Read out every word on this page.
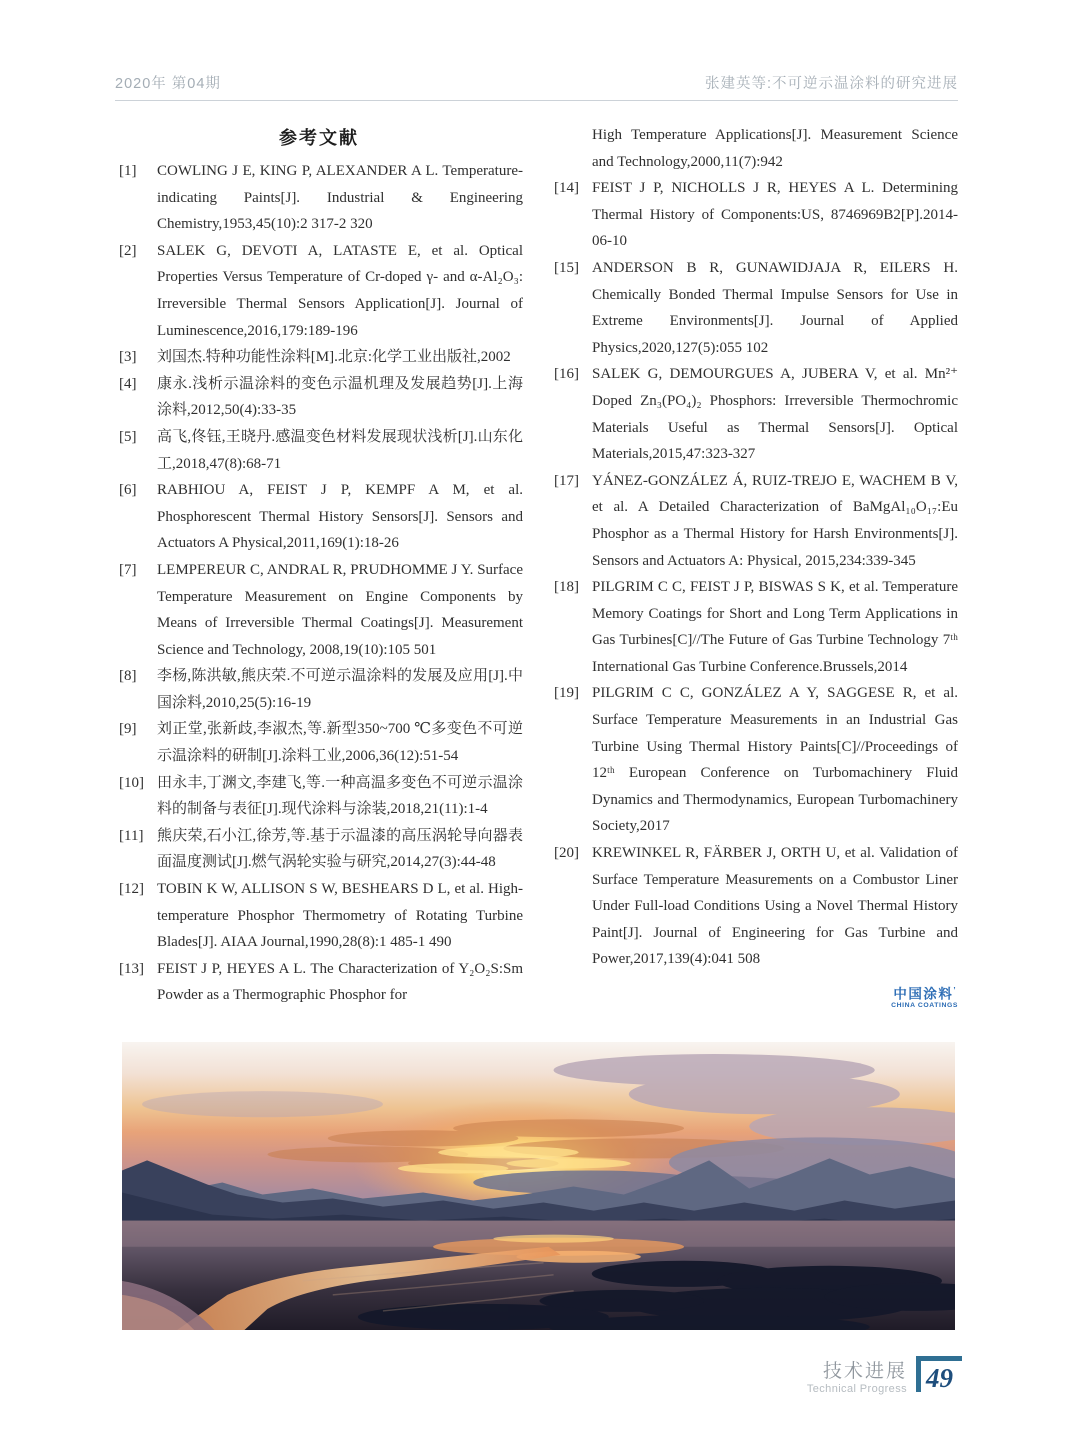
2020年 第04期	张建英等:不可逆示温涂料的研究进展
参考文献
[1] COWLING J E, KING P, ALEXANDER A L. Temperature-indicating Paints[J]. Industrial & Engineering Chemistry,1953,45(10):2 317-2 320
[2] SALEK G, DEVOTI A, LATASTE E, et al. Optical Properties Versus Temperature of Cr-doped γ- and α-Al₂O₃: Irreversible Thermal Sensors Application[J]. Journal of Luminescence,2016,179:189-196
[3] 刘国杰.特种功能性涂料[M].北京:化学工业出版社,2002
[4] 康永.浅析示温涂料的变色示温机理及发展趋势[J].上海涂料,2012,50(4):33-35
[5] 高飞,佟钰,王晓丹.感温变色材料发展现状浅析[J].山东化工,2018,47(8):68-71
[6] RABHIOU A, FEIST J P, KEMPF A M, et al. Phosphorescent Thermal History Sensors[J]. Sensors and Actuators A Physical,2011,169(1):18-26
[7] LEMPEREUR C, ANDRAL R, PRUDHOMME J Y. Surface Temperature Measurement on Engine Components by Means of Irreversible Thermal Coatings[J]. Measurement Science and Technology, 2008,19(10):105 501
[8] 李杨,陈洪敏,熊庆荣.不可逆示温涂料的发展及应用[J].中国涂料,2010,25(5):16-19
[9] 刘正堂,张新歧,李淑杰,等.新型350~700 ℃多变色不可逆示温涂料的研制[J].涂料工业,2006,36(12):51-54
[10] 田永丰,丁渊文,李建飞,等.一种高温多变色不可逆示温涂料的制备与表征[J].现代涂料与涂装,2018,21(11):1-4
[11] 熊庆荣,石小江,徐芳,等.基于示温漆的高压涡轮导向器表面温度测试[J].燃气涡轮实验与研究,2014,27(3):44-48
[12] TOBIN K W, ALLISON S W, BESHEARS D L, et al. High-temperature Phosphor Thermometry of Rotating Turbine Blades[J]. AIAA Journal,1990,28(8):1 485-1 490
[13] FEIST J P, HEYES A L. The Characterization of Y₂O₂S:Sm Powder as a Thermographic Phosphor for
High Temperature Applications[J]. Measurement Science and Technology,2000,11(7):942
[14] FEIST J P, NICHOLLS J R, HEYES A L. Determining Thermal History of Components:US, 8746969B2[P].2014-06-10
[15] ANDERSON B R, GUNAWIDJAJA R, EILERS H. Chemically Bonded Thermal Impulse Sensors for Use in Extreme Environments[J]. Journal of Applied Physics,2020,127(5):055 102
[16] SALEK G, DEMOURGUES A, JUBERA V, et al. Mn²⁺ Doped Zn₃(PO₄)₂ Phosphors: Irreversible Thermochromic Materials Useful as Thermal Sensors[J]. Optical Materials,2015,47:323-327
[17] YÁNEZ-GONZÁLEZ Á, RUIZ-TREJO E, WACHEM B V, et al. A Detailed Characterization of BaMgAl₁₀O₁₇:Eu Phosphor as a Thermal History for Harsh Environments[J]. Sensors and Actuators A: Physical, 2015,234:339-345
[18] PILGRIM C C, FEIST J P, BISWAS S K, et al. Temperature Memory Coatings for Short and Long Term Applications in Gas Turbines[C]//The Future of Gas Turbine Technology 7ᵗʰ International Gas Turbine Conference.Brussels,2014
[19] PILGRIM C C, GONZÁLEZ A Y, SAGGESE R, et al. Surface Temperature Measurements in an Industrial Gas Turbine Using Thermal History Paints[C]//Proceedings of 12ᵗʰ European Conference on Turbomachinery Fluid Dynamics and Thermodynamics, European Turbomachinery Society,2017
[20] KREWINKEL R, FÄRBER J, ORTH U, et al. Validation of Surface Temperature Measurements on a Combustor Liner Under Full-load Conditions Using a Novel Thermal History Paint[J]. Journal of Engineering for Gas Turbine and Power,2017,139(4):041 508
中国涂料’
CHINA COATINGS
技术进展
Technical Progress 49
